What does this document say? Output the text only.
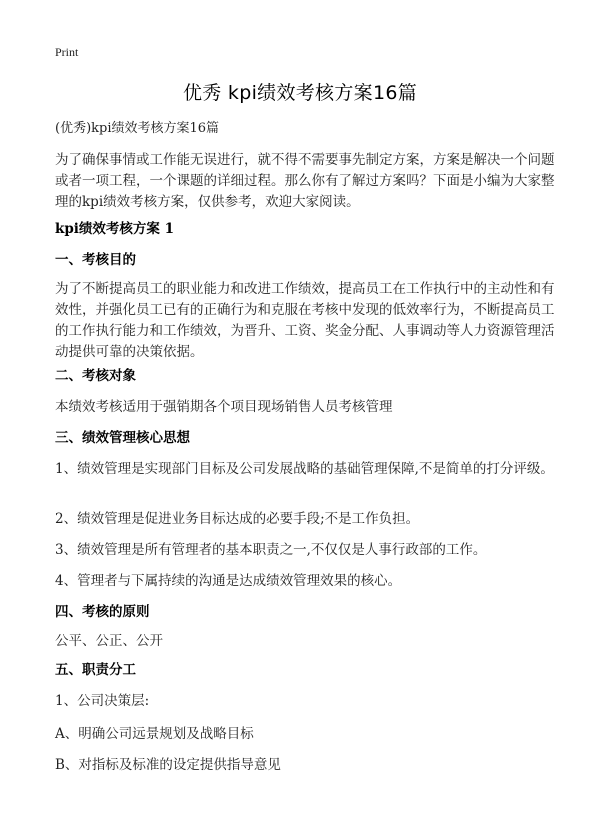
Print
优秀 kpi绩效考核方案16篇
(优秀)kpi绩效考核方案16篇
为了确保事情或工作能无误进行，就不得不需要事先制定方案，方案是解决一个问题或者一项工程，一个课题的详细过程。那么你有了解过方案吗？下面是小编为大家整理的kpi绩效考核方案，仅供参考，欢迎大家阅读。
kpi绩效考核方案 1
一、考核目的
为了不断提高员工的职业能力和改进工作绩效，提高员工在工作执行中的主动性和有效性，并强化员工已有的正确行为和克服在考核中发现的低效率行为，不断提高员工的工作执行能力和工作绩效，为晋升、工资、奖金分配、人事调动等人力资源管理活动提供可靠的决策依据。
二、考核对象
本绩效考核适用于强销期各个项目现场销售人员考核管理
三、绩效管理核心思想
1、绩效管理是实现部门目标及公司发展战略的基础管理保障,不是简单的打分评级。
2、绩效管理是促进业务目标达成的必要手段;不是工作负担。
3、绩效管理是所有管理者的基本职责之一,不仅仅是人事行政部的工作。
4、管理者与下属持续的沟通是达成绩效管理效果的核心。
四、考核的原则
公平、公正、公开
五、职责分工
1、公司决策层:
A、明确公司远景规划及战略目标
B、对指标及标准的设定提供指导意见
